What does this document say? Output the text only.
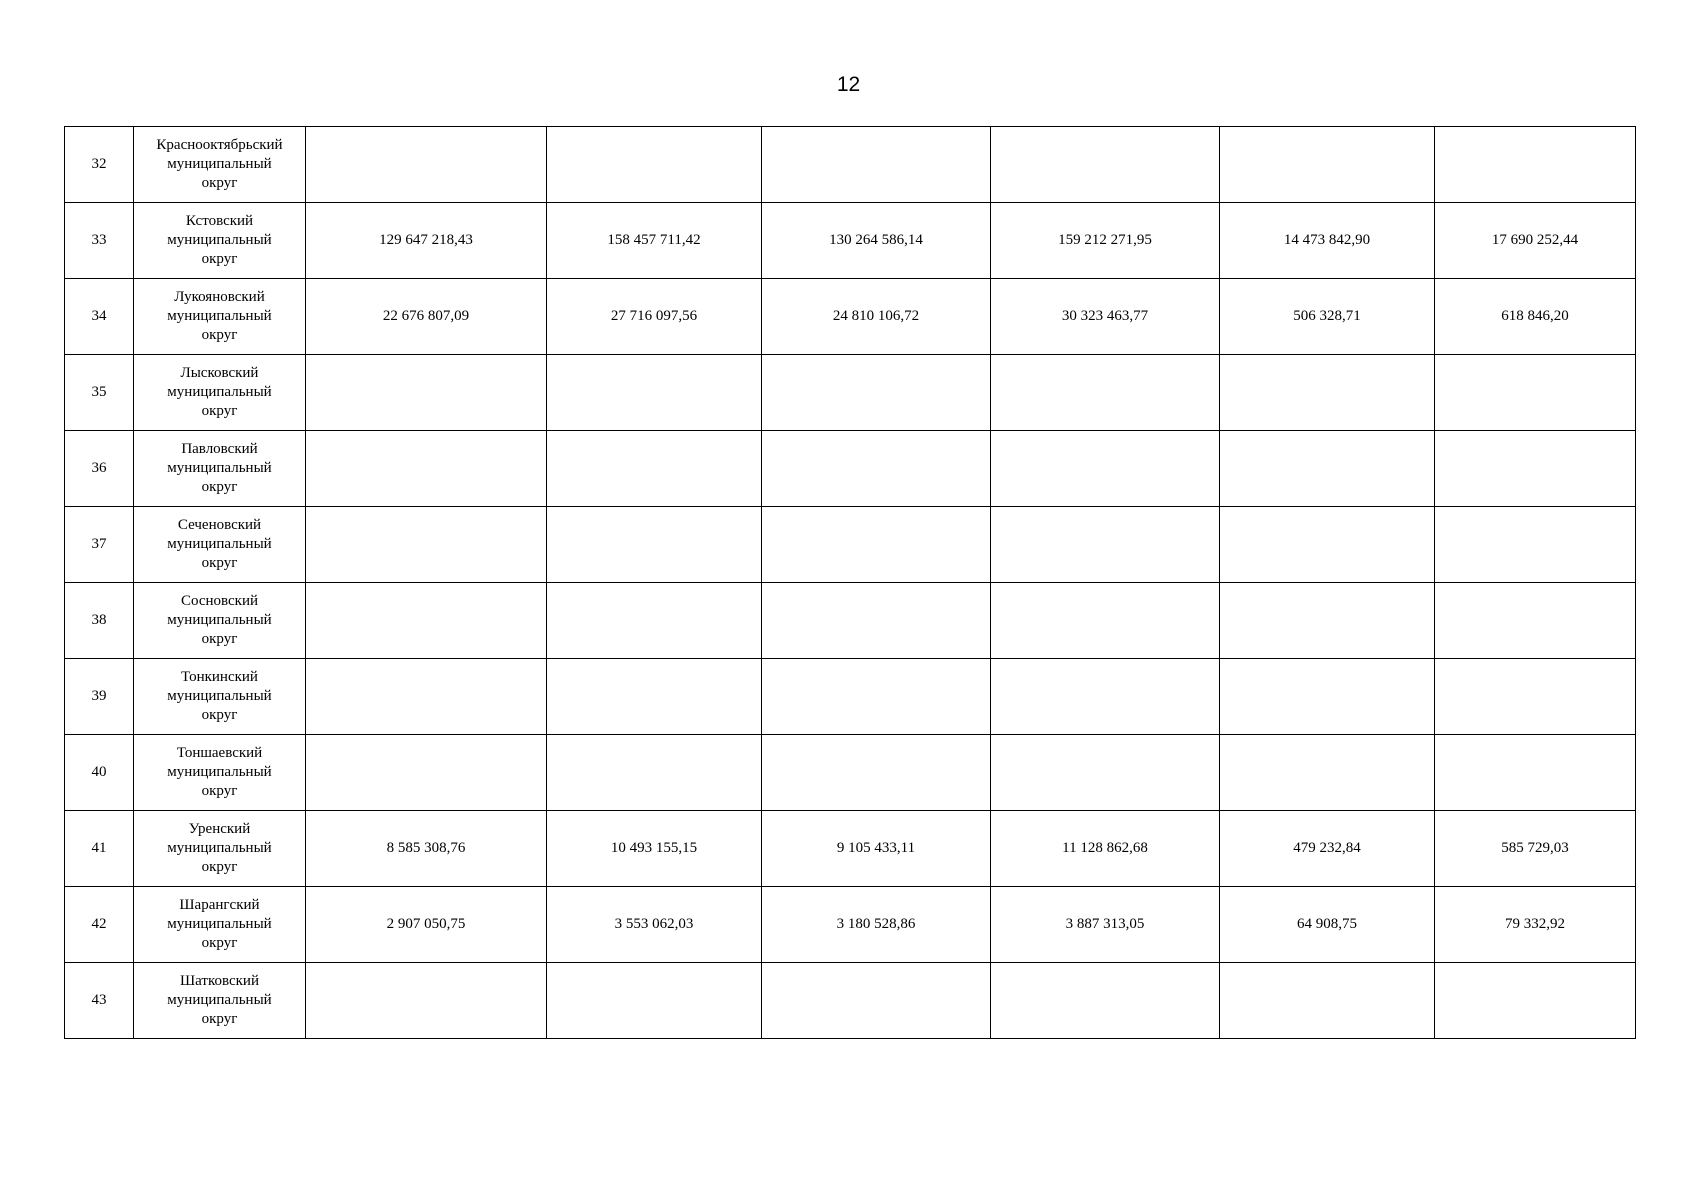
12
32	Краснооктябрьский
муниципальный
округ						
33	Кстовский
муниципальный
округ	129 647 218,43	158 457 711,42	130 264 586,14	159 212 271,95	14 473 842,90	17 690 252,44
34	Лукояновский
муниципальный
округ	22 676 807,09	27 716 097,56	24 810 106,72	30 323 463,77	506 328,71	618 846,20
35	Лысковский
муниципальный
округ						
36	Павловский
муниципальный
округ						
37	Сеченовский
муниципальный
округ						
38	Сосновский
муниципальный
округ						
39	Тонкинский
муниципальный
округ						
40	Тоншаевский
муниципальный
округ						
41	Уренский
муниципальный
округ	8 585 308,76	10 493 155,15	9 105 433,11	11 128 862,68	479 232,84	585 729,03
42	Шарангский
муниципальный
округ	2 907 050,75	3 553 062,03	3 180 528,86	3 887 313,05	64 908,75	79 332,92
43	Шатковский
муниципальный
округ						
